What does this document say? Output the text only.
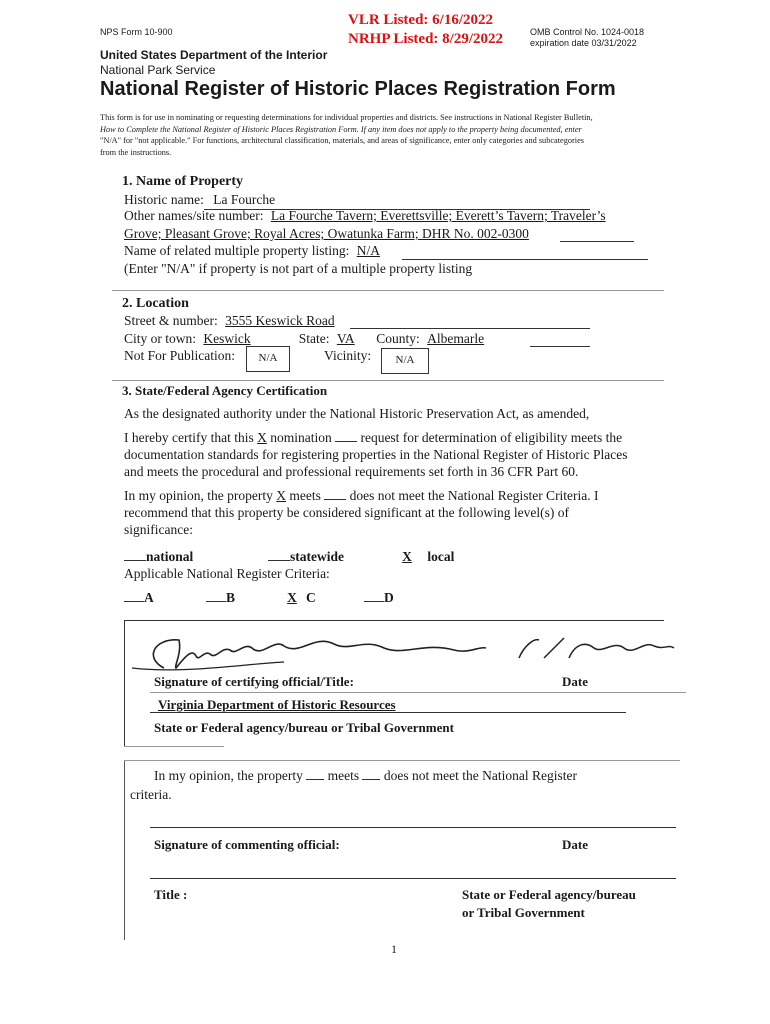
NPS Form 10-900
VLR Listed: 6/16/2022
NRHP Listed: 8/29/2022	OMB Control No. 1024-0018
expiration date 03/31/2022
United States Department of the Interior
National Park Service
National Register of Historic Places Registration Form
This form is for use in nominating or requesting determinations for individual properties and districts. See instructions in National Register Bulletin,
How to Complete the National Register of Historic Places Registration Form. If any item does not apply to the property being documented, enter
"N/A" for "not applicable." For functions, architectural classification, materials, and areas of significance, enter only categories and subcategories
from the instructions.
1. Name of Property
Historic name: La Fourche
Other names/site number: La Fourche Tavern; Everettsville; Everett’s Tavern; Traveler’s
Grove; Pleasant Grove; Royal Acres; Owatunka Farm; DHR No. 002-0300
Name of related multiple property listing: N/A
(Enter "N/A" if property is not part of a multiple property listing
2. Location
Street & number: 3555 Keswick Road
City or town: Keswick	State: VA County: Albemarle
Not For Publication:	N/A	Vicinity:	N/A
3. State/Federal Agency Certification
As the designated authority under the National Historic Preservation Act, as amended,
I hereby certify that this X nomination request for determination of eligibility meets the
documentation standards for registering properties in the National Register of Historic Places
and meets the procedural and professional requirements set forth in 36 CFR Part 60.
In my opinion, the property X meets does not meet the National Register Criteria. I
recommend that this property be considered significant at the following level(s) of
significance:
national	statewide	X local
Applicable National Register Criteria:
A	B	X C	D
Signature of certifying official/Title:	Date
Virginia Department of Historic Resources
State or Federal agency/bureau or Tribal Government
In my opinion, the property meets does not meet the National Register
criteria.
Signature of commenting official:	Date
Title :	State or Federal agency/bureau
or Tribal Government
1
